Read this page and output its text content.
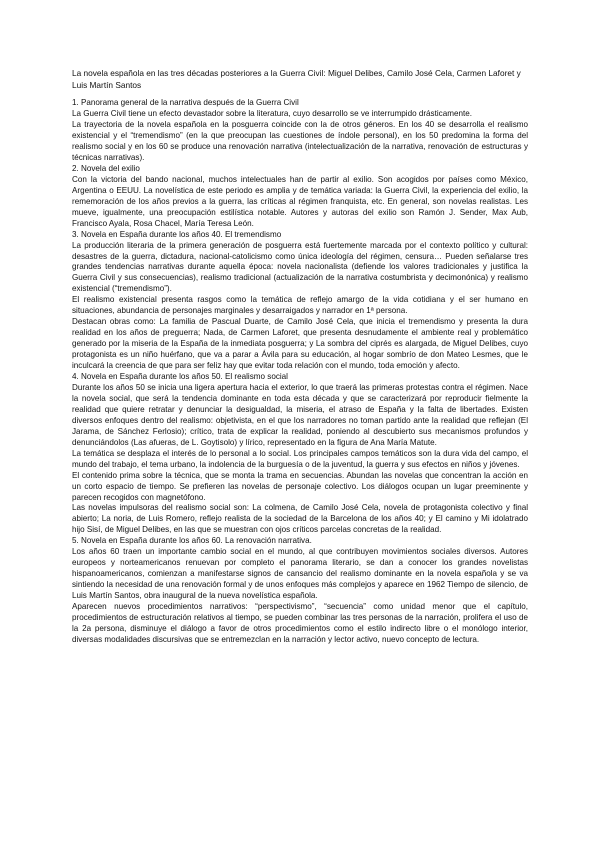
La novela española en las tres décadas posteriores a la Guerra Civil: Miguel Delibes, Camilo José Cela, Carmen Laforet y Luis Martín Santos

1. Panorama general de la narrativa después de la Guerra Civil

La Guerra Civil tiene un efecto devastador sobre la literatura, cuyo desarrollo se ve interrumpido drásticamente.

La trayectoria de la novela española en la posguerra coincide con la de otros géneros. En los 40 se desarrolla el realismo existencial y el “tremendismo” (en la que preocupan las cuestiones de índole personal), en los 50 predomina la forma del realismo social y en los 60 se produce una renovación narrativa (intelectualización de la narrativa, renovación de estructuras y técnicas narrativas).

2. Novela del exilio

Con la victoria del bando nacional, muchos intelectuales han de partir al exilio. Son acogidos por países como México, Argentina o EEUU. La novelística de este periodo es amplia y de temática variada: la Guerra Civil, la experiencia del exilio, la rememoración de los años previos a la guerra, las críticas al régimen franquista, etc. En general, son novelas realistas. Les mueve, igualmente, una preocupación estilística notable. Autores y autoras del exilio son Ramón J. Sender, Max Aub, Francisco Ayala, Rosa Chacel, María Teresa León.

3. Novela en España durante los años 40. El tremendismo

La producción literaria de la primera generación de posguerra está fuertemente marcada por el contexto político y cultural: desastres de la guerra, dictadura, nacional-catolicismo como única ideología del régimen, censura… Pueden señalarse tres grandes tendencias narrativas durante aquella época: novela nacionalista (defiende los valores tradicionales y justifica la Guerra Civil y sus consecuencias), realismo tradicional (actualización de la narrativa costumbrista y decimonónica) y realismo existencial (“tremendismo”).

El realismo existencial presenta rasgos como la temática de reflejo amargo de la vida cotidiana y el ser humano en situaciones, abundancia de personajes marginales y desarraigados y narrador en 1ª persona.

Destacan obras como: La familia de Pascual Duarte, de Camilo José Cela, que inicia el tremendismo y presenta la dura realidad en los años de preguerra; Nada, de Carmen Laforet, que presenta desnudamente el ambiente real y problemático generado por la miseria de la España de la inmediata posguerra; y La sombra del ciprés es alargada, de Miguel Delibes, cuyo protagonista es un niño huérfano, que va a parar a Ávila para su educación, al hogar sombrío de don Mateo Lesmes, que le inculcará la creencia de que para ser feliz hay que evitar toda relación con el mundo, toda emoción y afecto.

4. Novela en España durante los años 50. El realismo social

Durante los años 50 se inicia una ligera apertura hacia el exterior, lo que traerá las primeras protestas contra el régimen. Nace la novela social, que será la tendencia dominante en toda esta década y que se caracterizará por reproducir fielmente la realidad que quiere retratar y denunciar la desigualdad, la miseria, el atraso de España y la falta de libertades. Existen diversos enfoques dentro del realismo: objetivista, en el que los narradores no toman partido ante la realidad que reflejan (El Jarama, de Sánchez Ferlosio); crítico, trata de explicar la realidad, poniendo al descubierto sus mecanismos profundos y denunciándolos (Las afueras, de L. Goytisolo) y lírico, representado en la figura de Ana María Matute.

La temática se desplaza el interés de lo personal a lo social. Los principales campos temáticos son la dura vida del campo, el mundo del trabajo, el tema urbano, la indolencia de la burguesía o de la juventud, la guerra y sus efectos en niños y jóvenes.

El contenido prima sobre la técnica, que se monta la trama en secuencias. Abundan las novelas que concentran la acción en un corto espacio de tiempo. Se prefieren las novelas de personaje colectivo. Los diálogos ocupan un lugar preeminente y parecen recogidos con magnetófono.

Las novelas impulsoras del realismo social son: La colmena, de Camilo José Cela, novela de protagonista colectivo y final abierto; La noria, de Luis Romero, reflejo realista de la sociedad de la Barcelona de los años 40; y El camino y Mi idolatrado hijo Sisí, de Miguel Delibes, en las que se muestran con ojos críticos parcelas concretas de la realidad.

5. Novela en España durante los años 60. La renovación narrativa.

Los años 60 traen un importante cambio social en el mundo, al que contribuyen movimientos sociales diversos. Autores europeos y norteamericanos renuevan por completo el panorama literario, se dan a conocer los grandes novelistas hispanoamericanos, comienzan a manifestarse signos de cansancio del realismo dominante en la novela española y se va sintiendo la necesidad de una renovación formal y de unos enfoques más complejos y aparece en 1962 Tiempo de silencio, de Luis Martín Santos, obra inaugural de la nueva novelística española.

Aparecen nuevos procedimientos narrativos: “perspectivismo”, “secuencia” como unidad menor que el capítulo, procedimientos de estructuración relativos al tiempo, se pueden combinar las tres personas de la narración, prolifera el uso de la 2a persona, disminuye el diálogo a favor de otros procedimientos como el estilo indirecto libre o el monólogo interior, diversas modalidades discursivas que se entremezclan en la narración y lector activo, nuevo concepto de lectura.
